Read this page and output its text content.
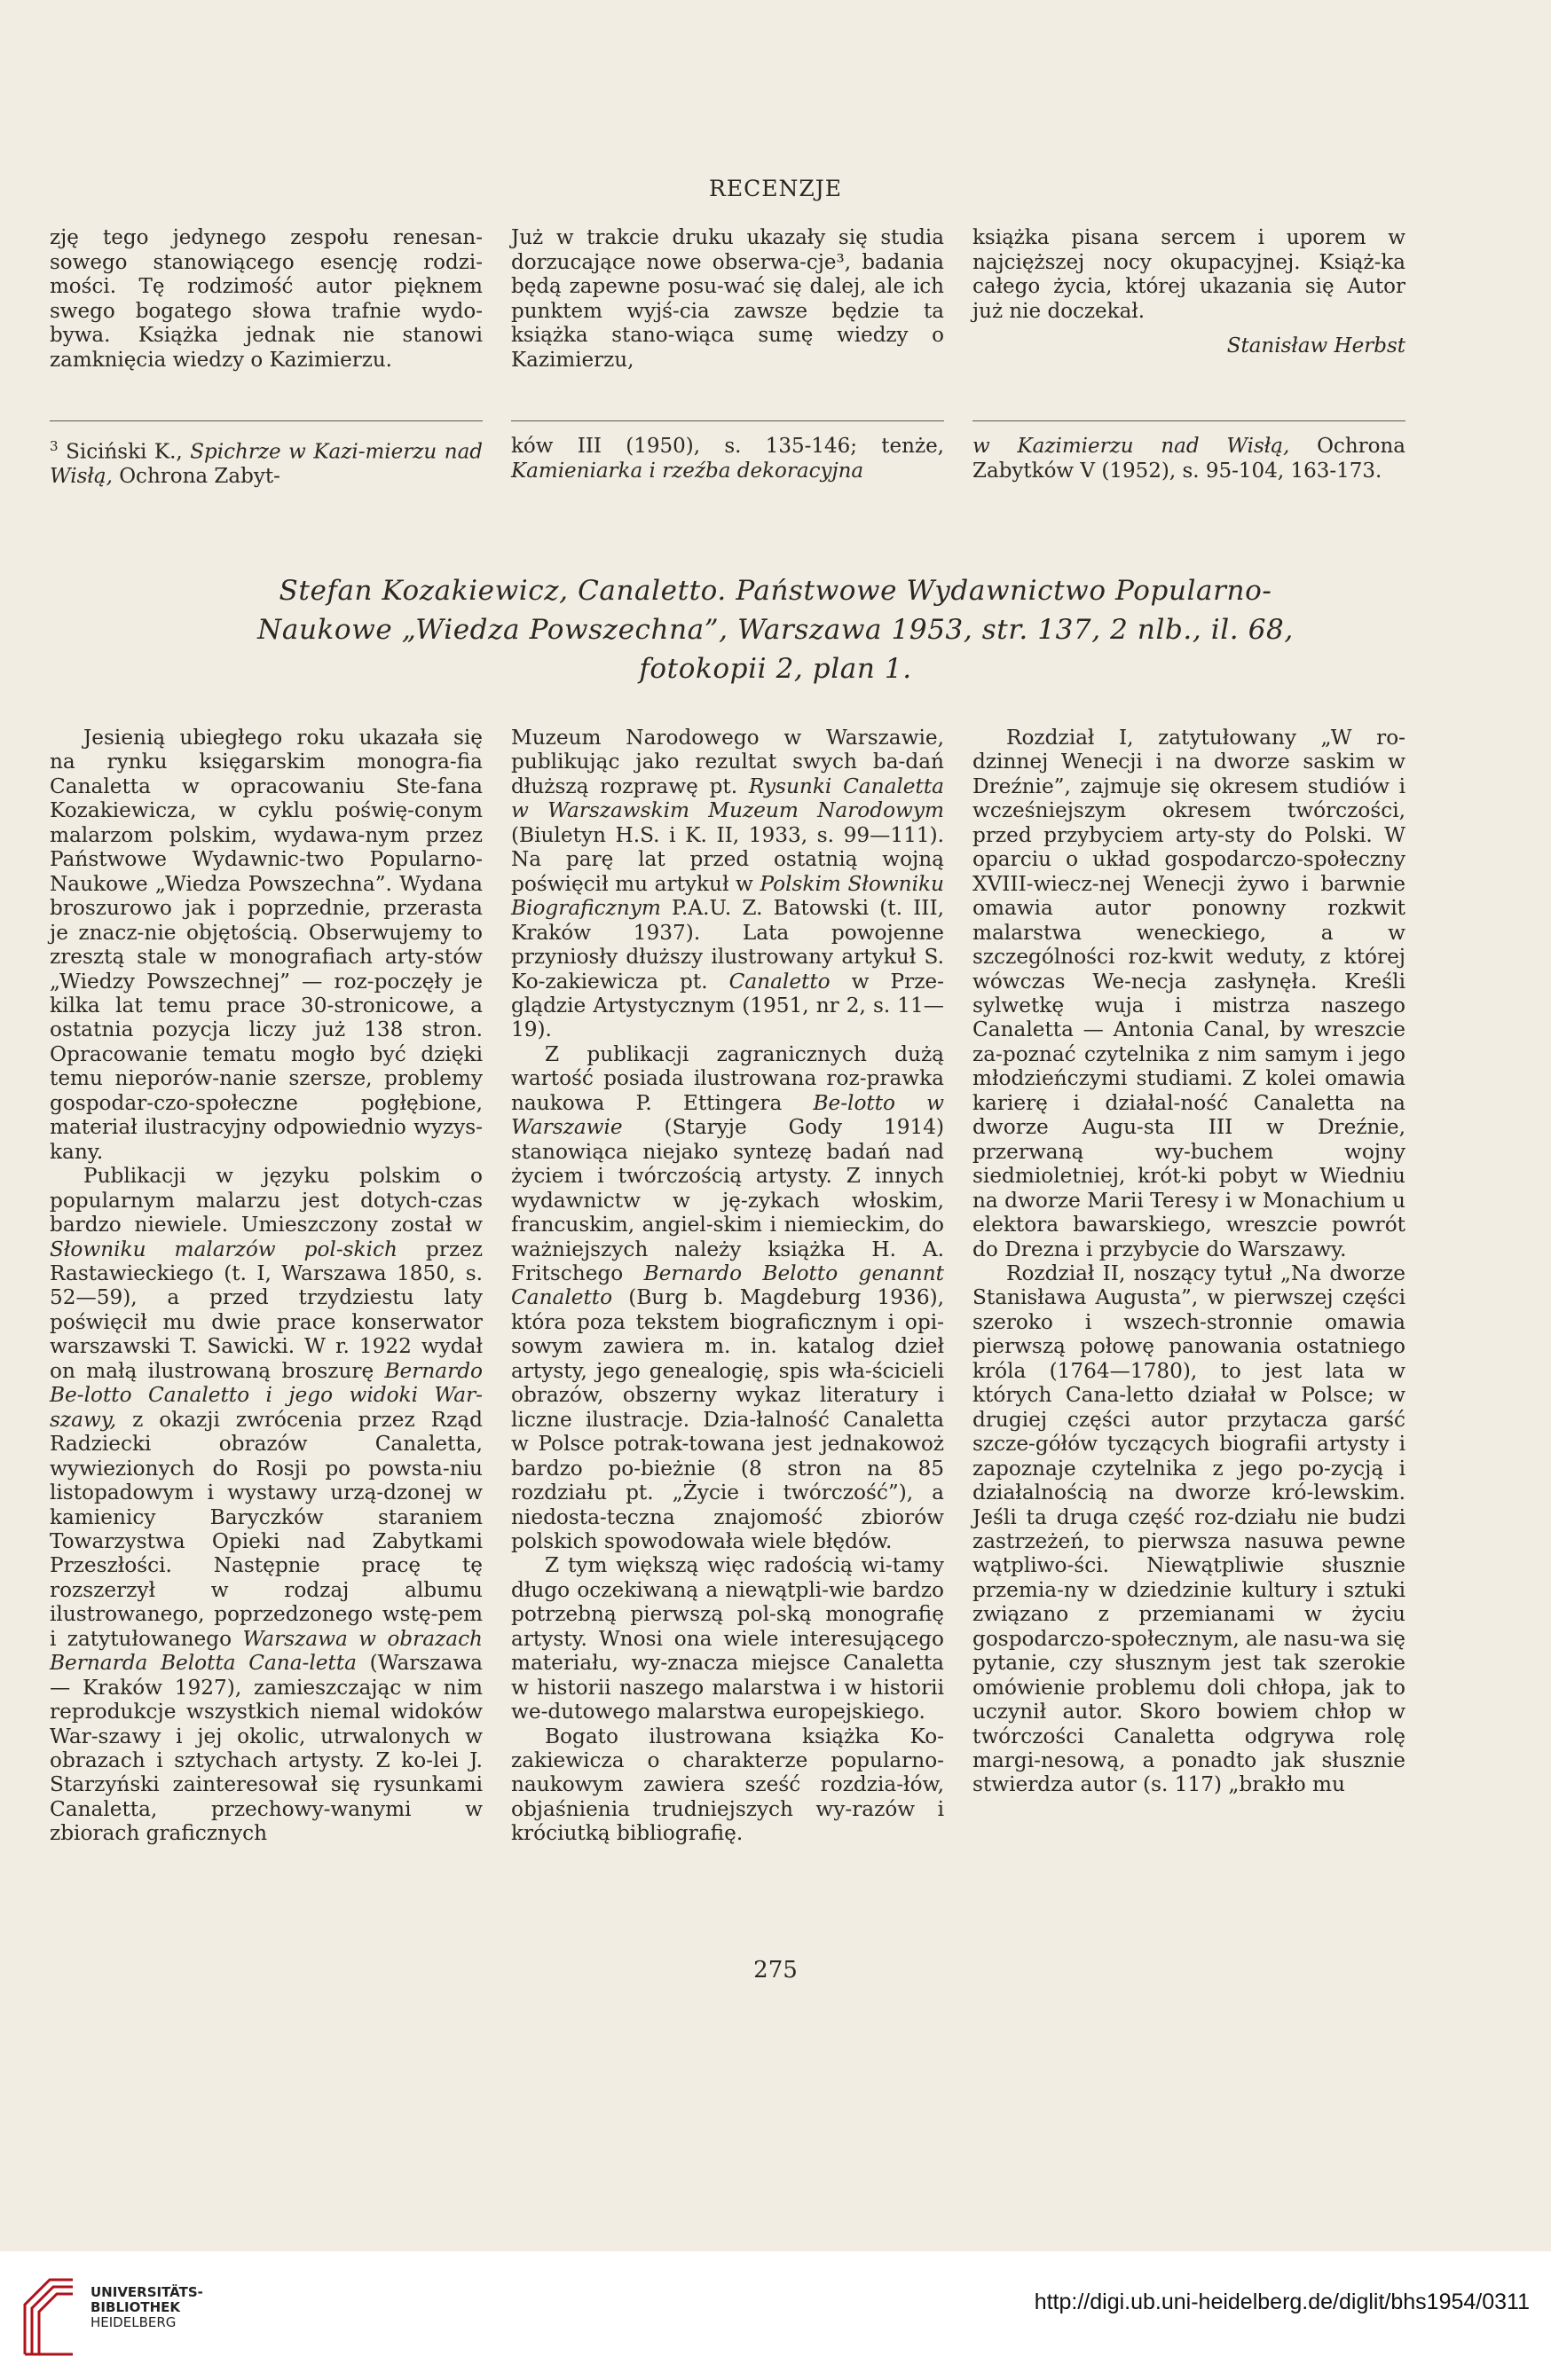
RECENZJE

zję tego jedynego zespołu renesan-sowego stanowiącego esencję rodzi-mości. Tę rodzimość autor pięknem swego bogatego słowa trafnie wydo-bywa. Książka jednak nie stanowi zamknięcia wiedzy o Kazimierzu.

Już w trakcie druku ukazały się studia dorzucające nowe obserwa-cje³, badania będą zapewne posu-wać się dalej, ale ich punktem wyjś-cia zawsze będzie ta książka stano-wiąca sumę wiedzy o Kazimierzu,

książka pisana sercem i uporem w najcięższej nocy okupacyjnej. Książ-ka całego życia, której ukazania się Autor już nie doczekał.

Stanisław Herbst

$^3$ Siciński K., Spichrze w Kazi-mierzu nad Wisłą, Ochrona Zabyt-

ków III (1950), s. 135-146; tenże, Kamieniarka i rzeźba dekoracyjna

w Kazimierzu nad Wisłą, Ochrona Zabytków V (1952), s. 95-104, 163-173.

Stefan Kozakiewicz, Canaletto. Państwowe Wydawnictwo Popularno-
Naukowe „Wiedza Powszechna”, Warszawa 1953, str. 137, 2 nlb., il. 68,
fotokopii 2, plan 1.

Jesienią ubiegłego roku ukazała się na rynku księgarskim monogra-fia Canaletta w opracowaniu Ste-fana Kozakiewicza, w cyklu poświę-conym malarzom polskim, wydawa-nym przez Państwowe Wydawnic-two Popularno-Naukowe „Wiedza Powszechna”. Wydana broszurowo jak i poprzednie, przerasta je znacz-nie objętością. Obserwujemy to zresztą stale w monografiach arty-stów „Wiedzy Powszechnej” — roz-poczęły je kilka lat temu prace 30-stronicowe, a ostatnia pozycja liczy już 138 stron. Opracowanie tematu mogło być dzięki temu nieporów-nanie szersze, problemy gospodar-czo-społeczne pogłębione, materiał ilustracyjny odpowiednio wyzys-kany.

Publikacji w języku polskim o popularnym malarzu jest dotych-czas bardzo niewiele. Umieszczony został w Słowniku malarzów pol-skich przez Rastawieckiego (t. I, Warszawa 1850, s. 52—59), a przed trzydziestu laty poświęcił mu dwie prace konserwator warszawski T. Sawicki. W r. 1922 wydał on małą ilustrowaną broszurę Bernardo Be-lotto Canaletto i jego widoki War-szawy, z okazji zwrócenia przez Rząd Radziecki obrazów Canaletta, wywiezionych do Rosji po powsta-niu listopadowym i wystawy urzą-dzonej w kamienicy Baryczków staraniem Towarzystwa Opieki nad Zabytkami Przeszłości. Następnie pracę tę rozszerzył w rodzaj albumu ilustrowanego, poprzedzonego wstę-pem i zatytułowanego Warszawa w obrazach Bernarda Belotta Cana-letta (Warszawa — Kraków 1927), zamieszczając w nim reprodukcje wszystkich niemal widoków War-szawy i jej okolic, utrwalonych w obrazach i sztychach artysty. Z ko-lei J. Starzyński zainteresował się rysunkami Canaletta, przechowy-wanymi w zbiorach graficznych

Muzeum Narodowego w Warszawie, publikując jako rezultat swych ba-dań dłuższą rozprawę pt. Rysunki Canaletta w Warszawskim Muzeum Narodowym (Biuletyn H.S. i K. II, 1933, s. 99—111). Na parę lat przed ostatnią wojną poświęcił mu artykuł w Polskim Słowniku Biograficznym P.A.U. Z. Batowski (t. III, Kraków 1937). Lata powojenne przyniosły dłuższy ilustrowany artykuł S. Ko-zakiewicza pt. Canaletto w Prze-glądzie Artystycznym (1951, nr 2, s. 11—19).

Z publikacji zagranicznych dużą wartość posiada ilustrowana roz-prawka naukowa P. Ettingera Be-lotto w Warszawie (Staryje Gody 1914) stanowiąca niejako syntezę badań nad życiem i twórczością artysty. Z innych wydawnictw w ję-zykach włoskim, francuskim, angiel-skim i niemieckim, do ważniejszych należy książka H. A. Fritschego Bernardo Belotto genannt Canaletto (Burg b. Magdeburg 1936), która poza tekstem biograficznym i opi-sowym zawiera m. in. katalog dzieł artysty, jego genealogię, spis wła-ścicieli obrazów, obszerny wykaz literatury i liczne ilustracje. Dzia-łalność Canaletta w Polsce potrak-towana jest jednakowoż bardzo po-bieżnie (8 stron na 85 rozdziału pt. „Życie i twórczość”), a niedosta-teczna znajomość zbiorów polskich spowodowała wiele błędów.

Z tym większą więc radością wi-tamy długo oczekiwaną a niewątpli-wie bardzo potrzebną pierwszą pol-ską monografię artysty. Wnosi ona wiele interesującego materiału, wy-znacza miejsce Canaletta w historii naszego malarstwa i w historii we-dutowego malarstwa europejskiego.

Bogato ilustrowana książka Ko-zakiewicza o charakterze popularno-naukowym zawiera sześć rozdzia-łów, objaśnienia trudniejszych wy-razów i króciutką bibliografię.

Rozdział I, zatytułowany „W ro-dzinnej Wenecji i na dworze saskim w Dreźnie”, zajmuje się okresem studiów i wcześniejszym okresem twórczości, przed przybyciem arty-sty do Polski. W oparciu o układ gospodarczo-społeczny XVIII-wiecz-nej Wenecji żywo i barwnie omawia autor ponowny rozkwit malarstwa weneckiego, a w szczególności roz-kwit weduty, z której wówczas We-necja zasłynęła. Kreśli sylwetkę wuja i mistrza naszego Canaletta — Antonia Canal, by wreszcie za-poznać czytelnika z nim samym i jego młodzieńczymi studiami. Z kolei omawia karierę i działal-ność Canaletta na dworze Augu-sta III w Dreźnie, przerwaną wy-buchem wojny siedmioletniej, krót-ki pobyt w Wiedniu na dworze Marii Teresy i w Monachium u elektora bawarskiego, wreszcie powrót do Drezna i przybycie do Warszawy.

Rozdział II, noszący tytuł „Na dworze Stanisława Augusta”, w pierwszej części szeroko i wszech-stronnie omawia pierwszą połowę panowania ostatniego króla (1764—1780), to jest lata w których Cana-letto działał w Polsce; w drugiej części autor przytacza garść szcze-gółów tyczących biografii artysty i zapoznaje czytelnika z jego po-zycją i działalnością na dworze kró-lewskim. Jeśli ta druga część roz-działu nie budzi zastrzeżeń, to pierwsza nasuwa pewne wątpliwo-ści. Niewątpliwie słusznie przemia-ny w dziedzinie kultury i sztuki związano z przemianami w życiu gospodarczo-społecznym, ale nasu-wa się pytanie, czy słusznym jest tak szerokie omówienie problemu doli chłopa, jak to uczynił autor. Skoro bowiem chłop w twórczości Canaletta odgrywa rolę margi-nesową, a ponadto jak słusznie stwierdza autor (s. 117) „brakło mu

275
UNIVERSITÄTS-
BIBLIOTHEK
HEIDELBERG
http://digi.ub.uni-heidelberg.de/diglit/bhs1954/0311
